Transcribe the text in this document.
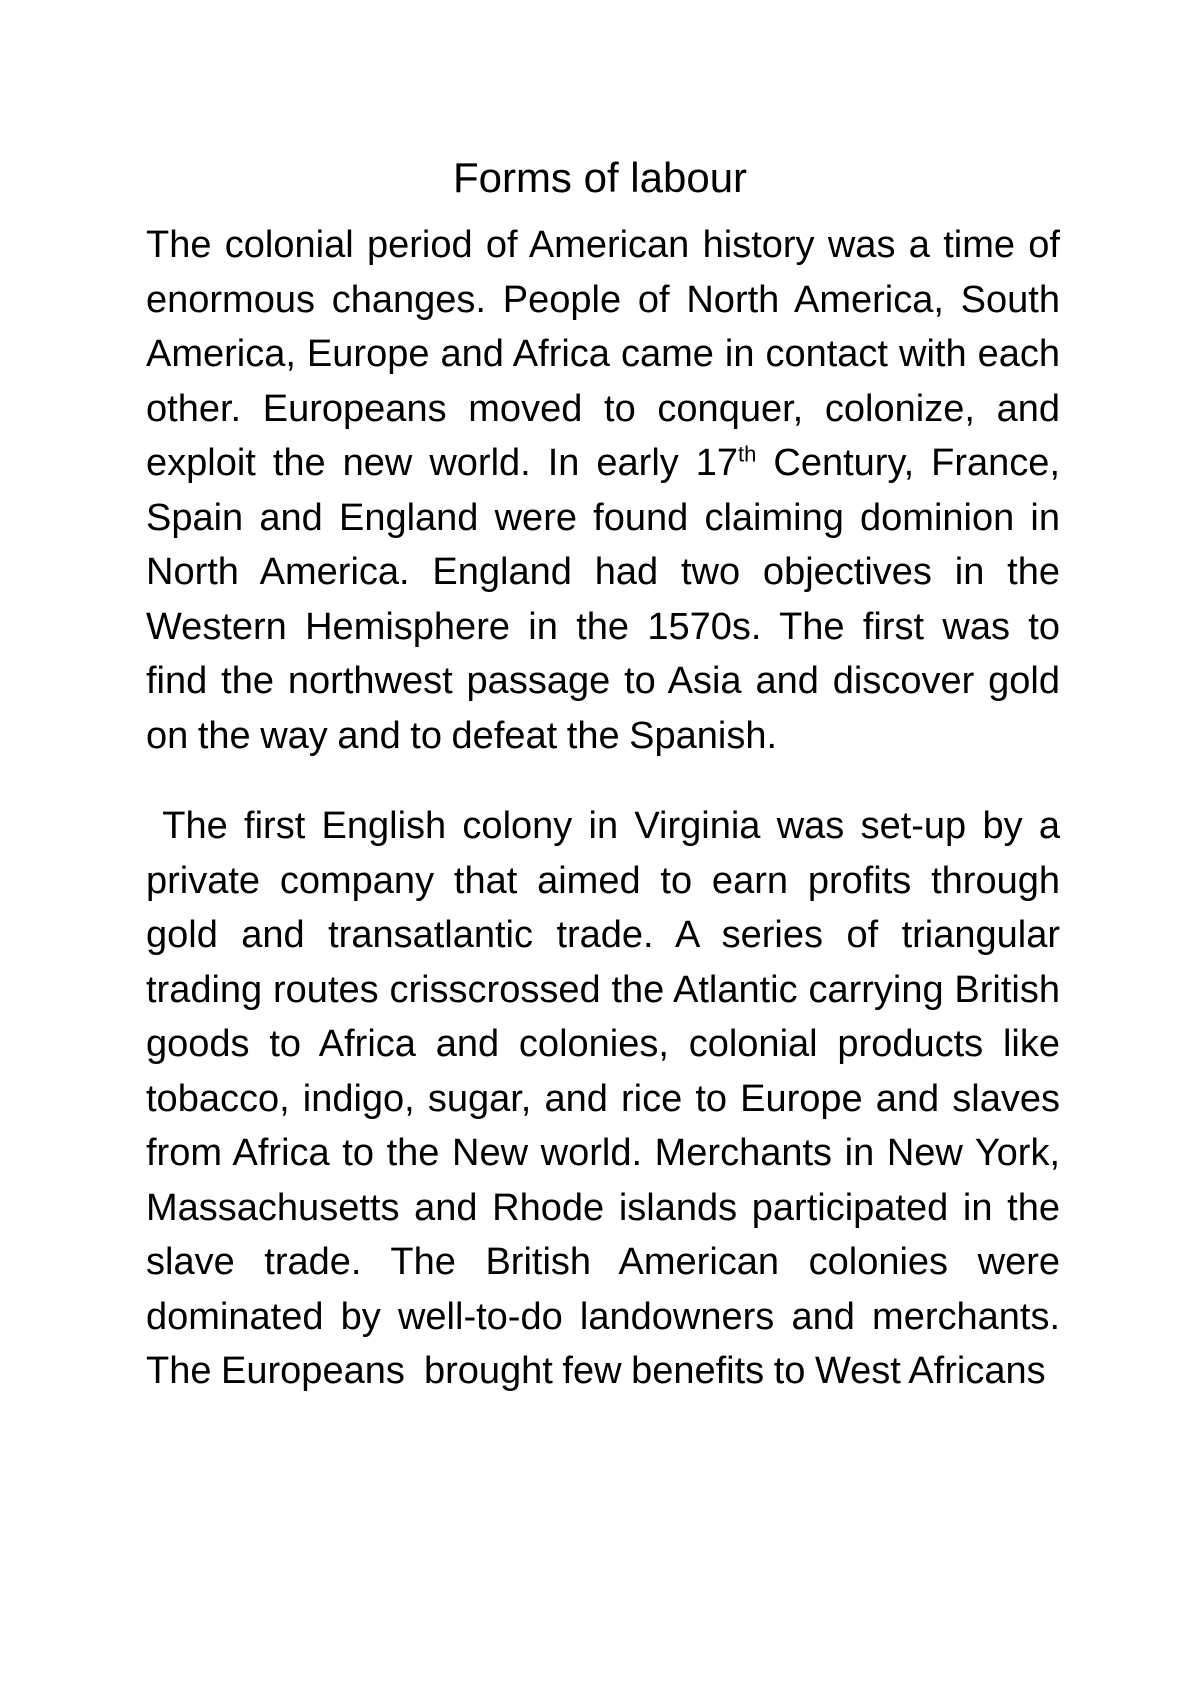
Forms of labour

The colonial period of American history was a time of enormous changes. People of North America, South America, Europe and Africa came in contact with each other. Europeans moved to conquer, colonize, and exploit the new world. In early 17th Century, France, Spain and England were found claiming dominion in North America. England had two objectives in the Western Hemisphere in the 1570s. The first was to find the northwest passage to Asia and discover gold on the way and to defeat the Spanish.

The first English colony in Virginia was set-up by a private company that aimed to earn profits through gold and transatlantic trade. A series of triangular trading routes crisscrossed the Atlantic carrying British goods to Africa and colonies, colonial products like tobacco, indigo, sugar, and rice to Europe and slaves from Africa to the New world. Merchants in New York, Massachusetts and Rhode islands participated in the slave trade. The British American colonies were dominated by well-to-do landowners and merchants. The Europeans  brought few benefits to West Africans
